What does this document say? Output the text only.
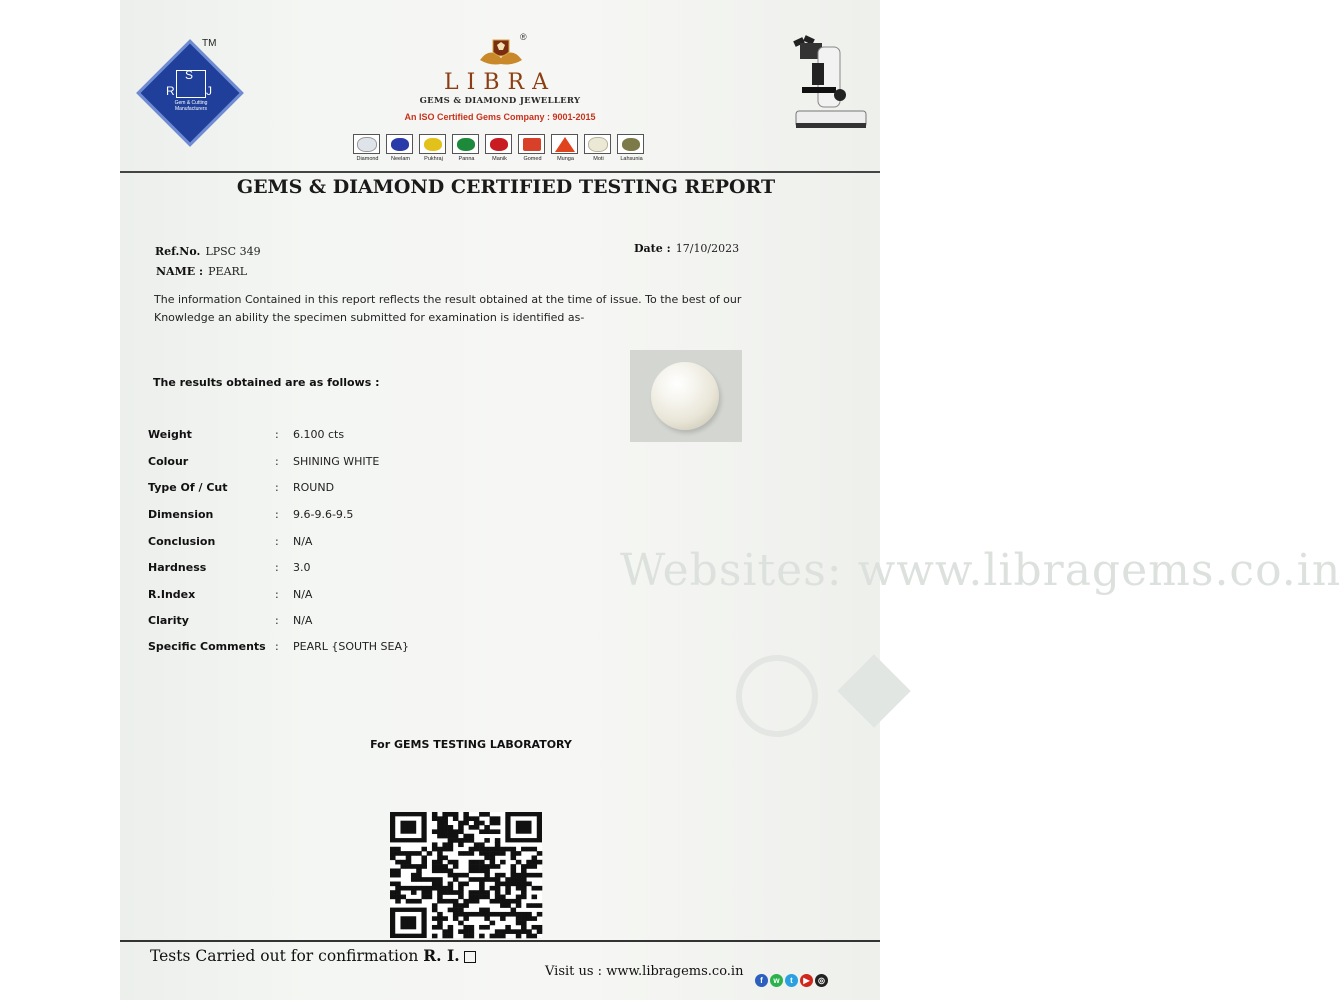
Websites: www.libragems.co.in
S
R	J
Gem & Cutting Manufacturers
TM
®
LIBRA
GEMS & DIAMOND JEWELLERY
An ISO Certified Gems Company : 9001-2015
Diamond	Neelam	Pukhraj	Panna	Manik	Gomed	Munga	Moti	Lahsunia
GEMS & DIAMOND CERTIFIED TESTING REPORT
Ref.No. LPSC 349
NAME : PEARL
Date : 17/10/2023
The information Contained in this report reflects the result obtained at the time of issue. To the best of our
Knowledge an ability the specimen submitted for examination is identified as-
The results obtained are as follows :
Weight	: 6.100 cts
Colour	: SHINING WHITE
Type Of / Cut	: ROUND
Dimension	: 9.6-9.6-9.5
Conclusion	: N/A
Hardness	: 3.0
R.Index	: N/A
Clarity	: N/A
Specific Comments : PEARL {SOUTH SEA}
For GEMS TESTING LABORATORY
Tests Carried out for confirmation R. I.
Visit us : www.libragems.co.in
f	w	t	▶	◎
